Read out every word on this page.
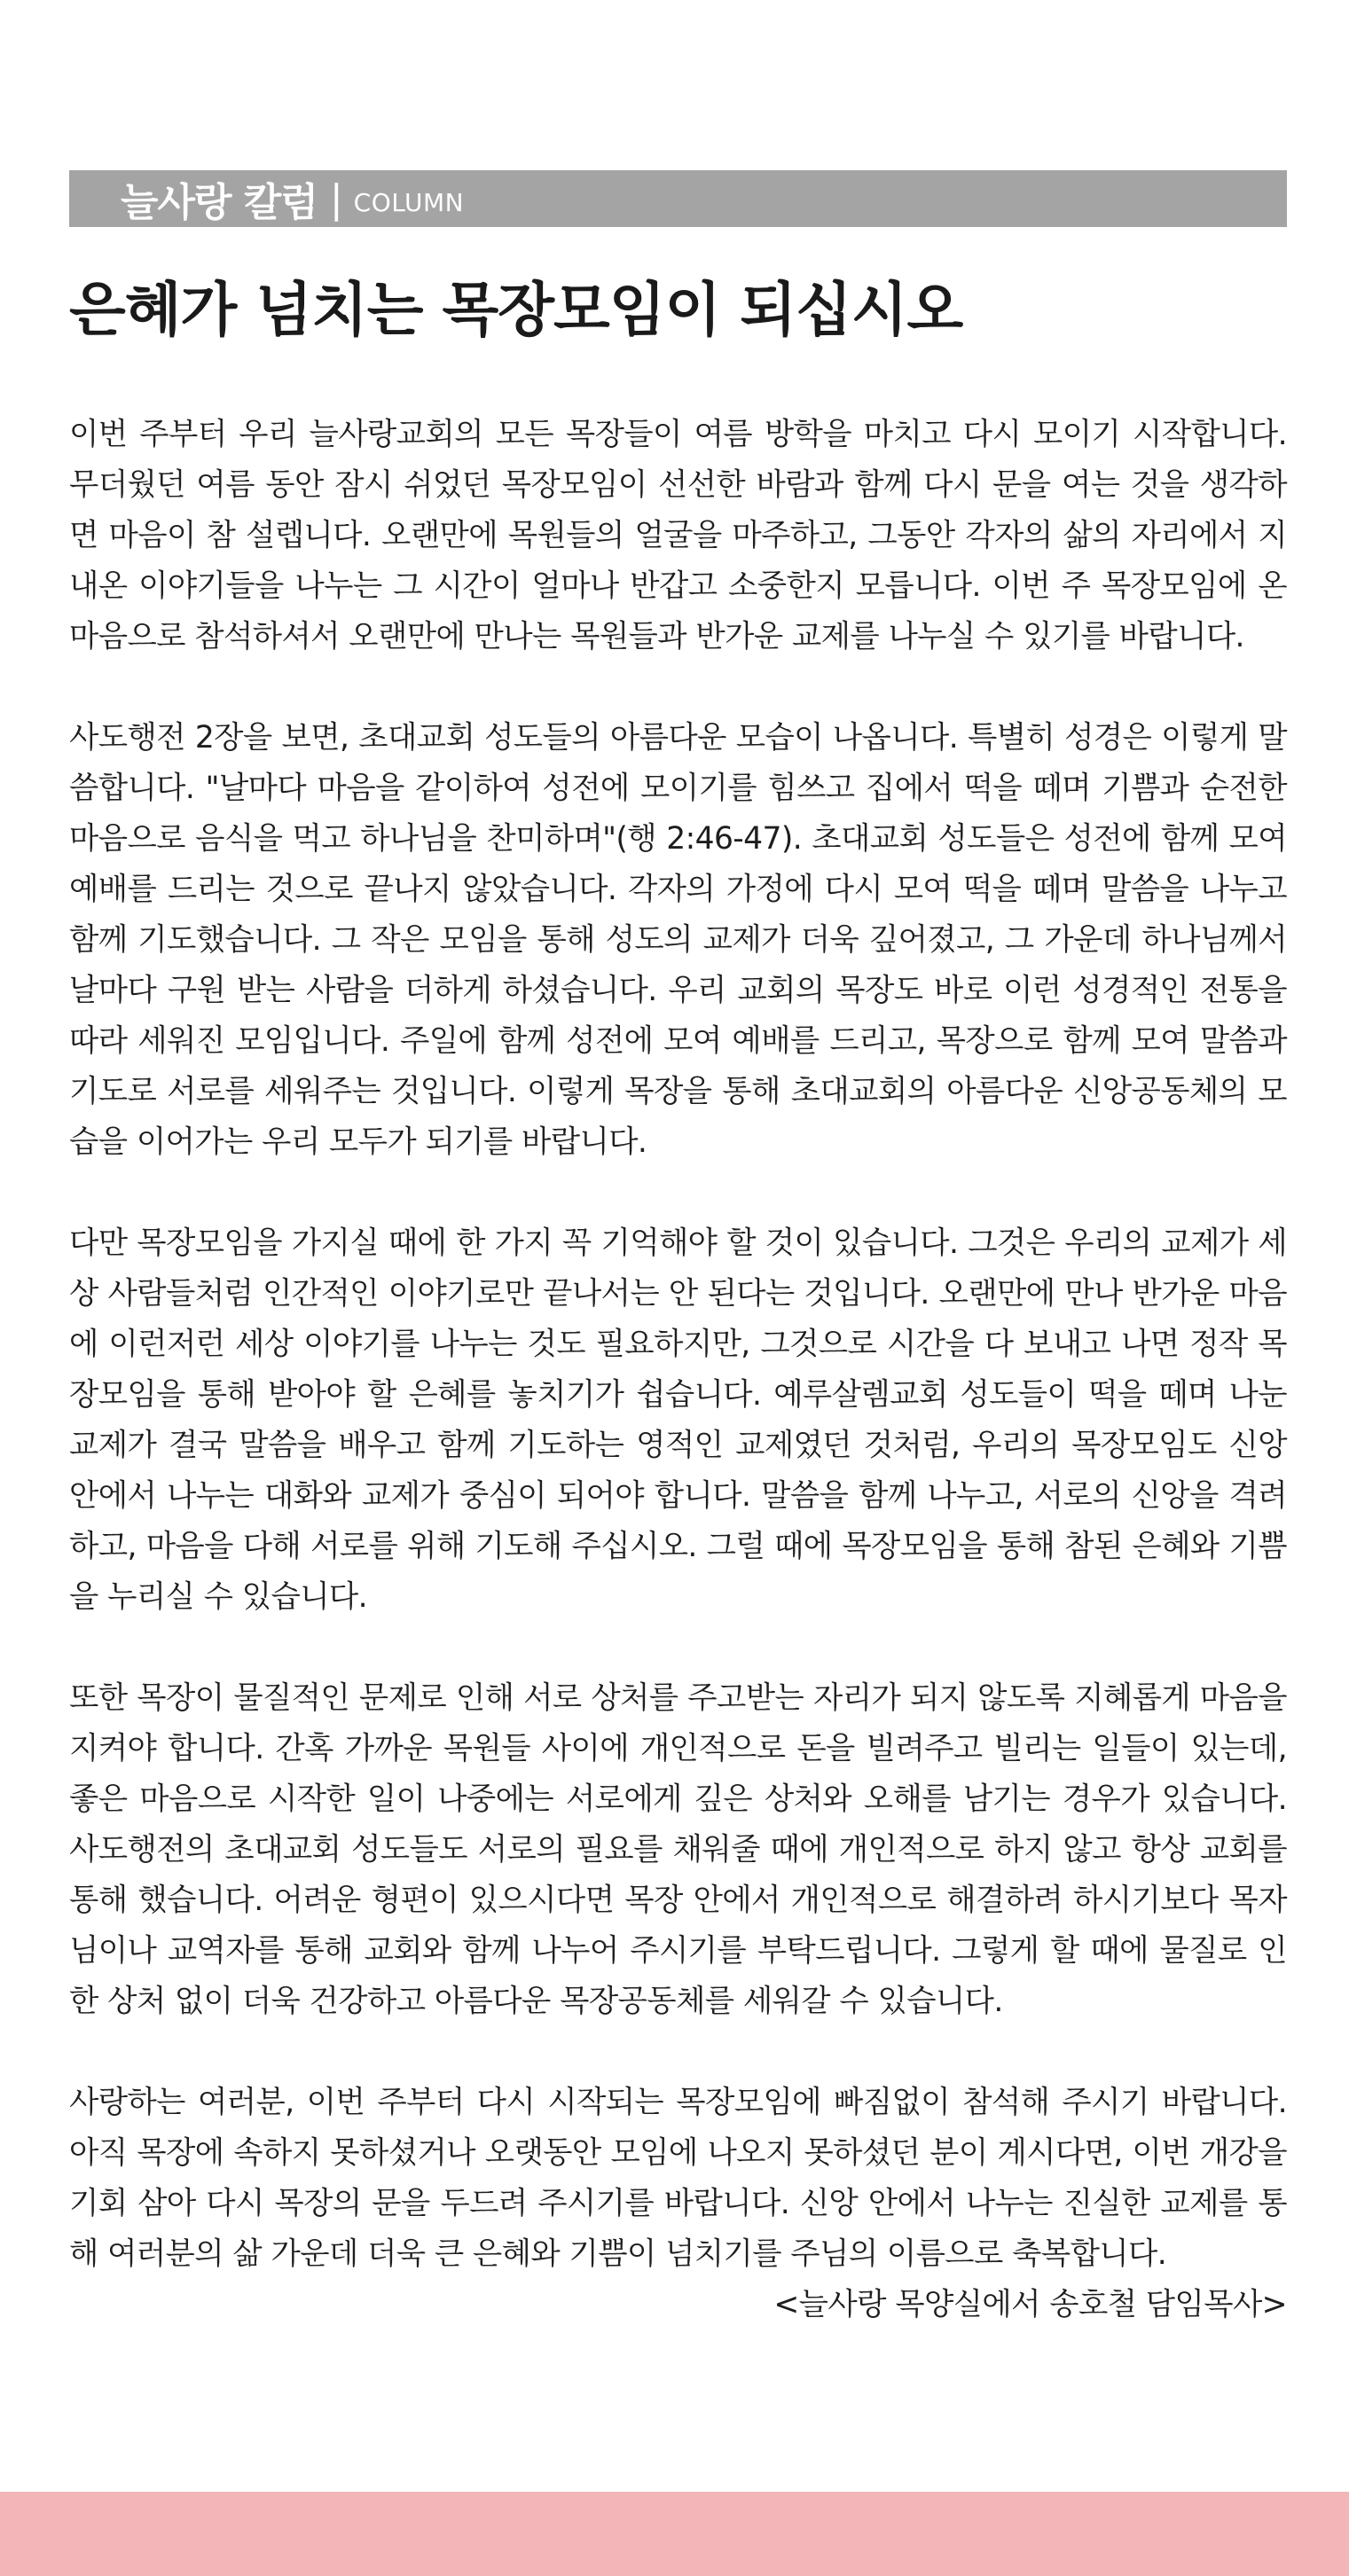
늘사랑 칼럼 | COLUMN
은혜가 넘치는 목장모임이 되십시오

이번 주부터 우리 늘사랑교회의 모든 목장들이 여름 방학을 마치고 다시 모이기 시작합니다. 무더웠던 여름 동안 잠시 쉬었던 목장모임이 선선한 바람과 함께 다시 문을 여는 것을 생각하면 마음이 참 설렙니다. 오랜만에 목원들의 얼굴을 마주하고, 그동안 각자의 삶의 자리에서 지내온 이야기들을 나누는 그 시간이 얼마나 반갑고 소중한지 모릅니다. 이번 주 목장모임에 온 마음으로 참석하셔서 오랜만에 만나는 목원들과 반가운 교제를 나누실 수 있기를 바랍니다.

사도행전 2장을 보면, 초대교회 성도들의 아름다운 모습이 나옵니다. 특별히 성경은 이렇게 말씀합니다. "날마다 마음을 같이하여 성전에 모이기를 힘쓰고 집에서 떡을 떼며 기쁨과 순전한 마음으로 음식을 먹고 하나님을 찬미하며"(행 2:46-47). 초대교회 성도들은 성전에 함께 모여 예배를 드리는 것으로 끝나지 않았습니다. 각자의 가정에 다시 모여 떡을 떼며 말씀을 나누고 함께 기도했습니다. 그 작은 모임을 통해 성도의 교제가 더욱 깊어졌고, 그 가운데 하나님께서 날마다 구원 받는 사람을 더하게 하셨습니다. 우리 교회의 목장도 바로 이런 성경적인 전통을 따라 세워진 모임입니다. 주일에 함께 성전에 모여 예배를 드리고, 목장으로 함께 모여 말씀과 기도로 서로를 세워주는 것입니다. 이렇게 목장을 통해 초대교회의 아름다운 신앙공동체의 모습을 이어가는 우리 모두가 되기를 바랍니다.

다만 목장모임을 가지실 때에 한 가지 꼭 기억해야 할 것이 있습니다. 그것은 우리의 교제가 세상 사람들처럼 인간적인 이야기로만 끝나서는 안 된다는 것입니다. 오랜만에 만나 반가운 마음에 이런저런 세상 이야기를 나누는 것도 필요하지만, 그것으로 시간을 다 보내고 나면 정작 목장모임을 통해 받아야 할 은혜를 놓치기가 쉽습니다. 예루살렘교회 성도들이 떡을 떼며 나눈 교제가 결국 말씀을 배우고 함께 기도하는 영적인 교제였던 것처럼, 우리의 목장모임도 신앙 안에서 나누는 대화와 교제가 중심이 되어야 합니다. 말씀을 함께 나누고, 서로의 신앙을 격려하고, 마음을 다해 서로를 위해 기도해 주십시오. 그럴 때에 목장모임을 통해 참된 은혜와 기쁨을 누리실 수 있습니다.

또한 목장이 물질적인 문제로 인해 서로 상처를 주고받는 자리가 되지 않도록 지혜롭게 마음을 지켜야 합니다. 간혹 가까운 목원들 사이에 개인적으로 돈을 빌려주고 빌리는 일들이 있는데, 좋은 마음으로 시작한 일이 나중에는 서로에게 깊은 상처와 오해를 남기는 경우가 있습니다. 사도행전의 초대교회 성도들도 서로의 필요를 채워줄 때에 개인적으로 하지 않고 항상 교회를 통해 했습니다. 어려운 형편이 있으시다면 목장 안에서 개인적으로 해결하려 하시기보다 목자님이나 교역자를 통해 교회와 함께 나누어 주시기를 부탁드립니다. 그렇게 할 때에 물질로 인한 상처 없이 더욱 건강하고 아름다운 목장공동체를 세워갈 수 있습니다.

사랑하는 여러분, 이번 주부터 다시 시작되는 목장모임에 빠짐없이 참석해 주시기 바랍니다. 아직 목장에 속하지 못하셨거나 오랫동안 모임에 나오지 못하셨던 분이 계시다면, 이번 개강을 기회 삼아 다시 목장의 문을 두드려 주시기를 바랍니다. 신앙 안에서 나누는 진실한 교제를 통해 여러분의 삶 가운데 더욱 큰 은혜와 기쁨이 넘치기를 주님의 이름으로 축복합니다.

<늘사랑 목양실에서 송호철 담임목사>
